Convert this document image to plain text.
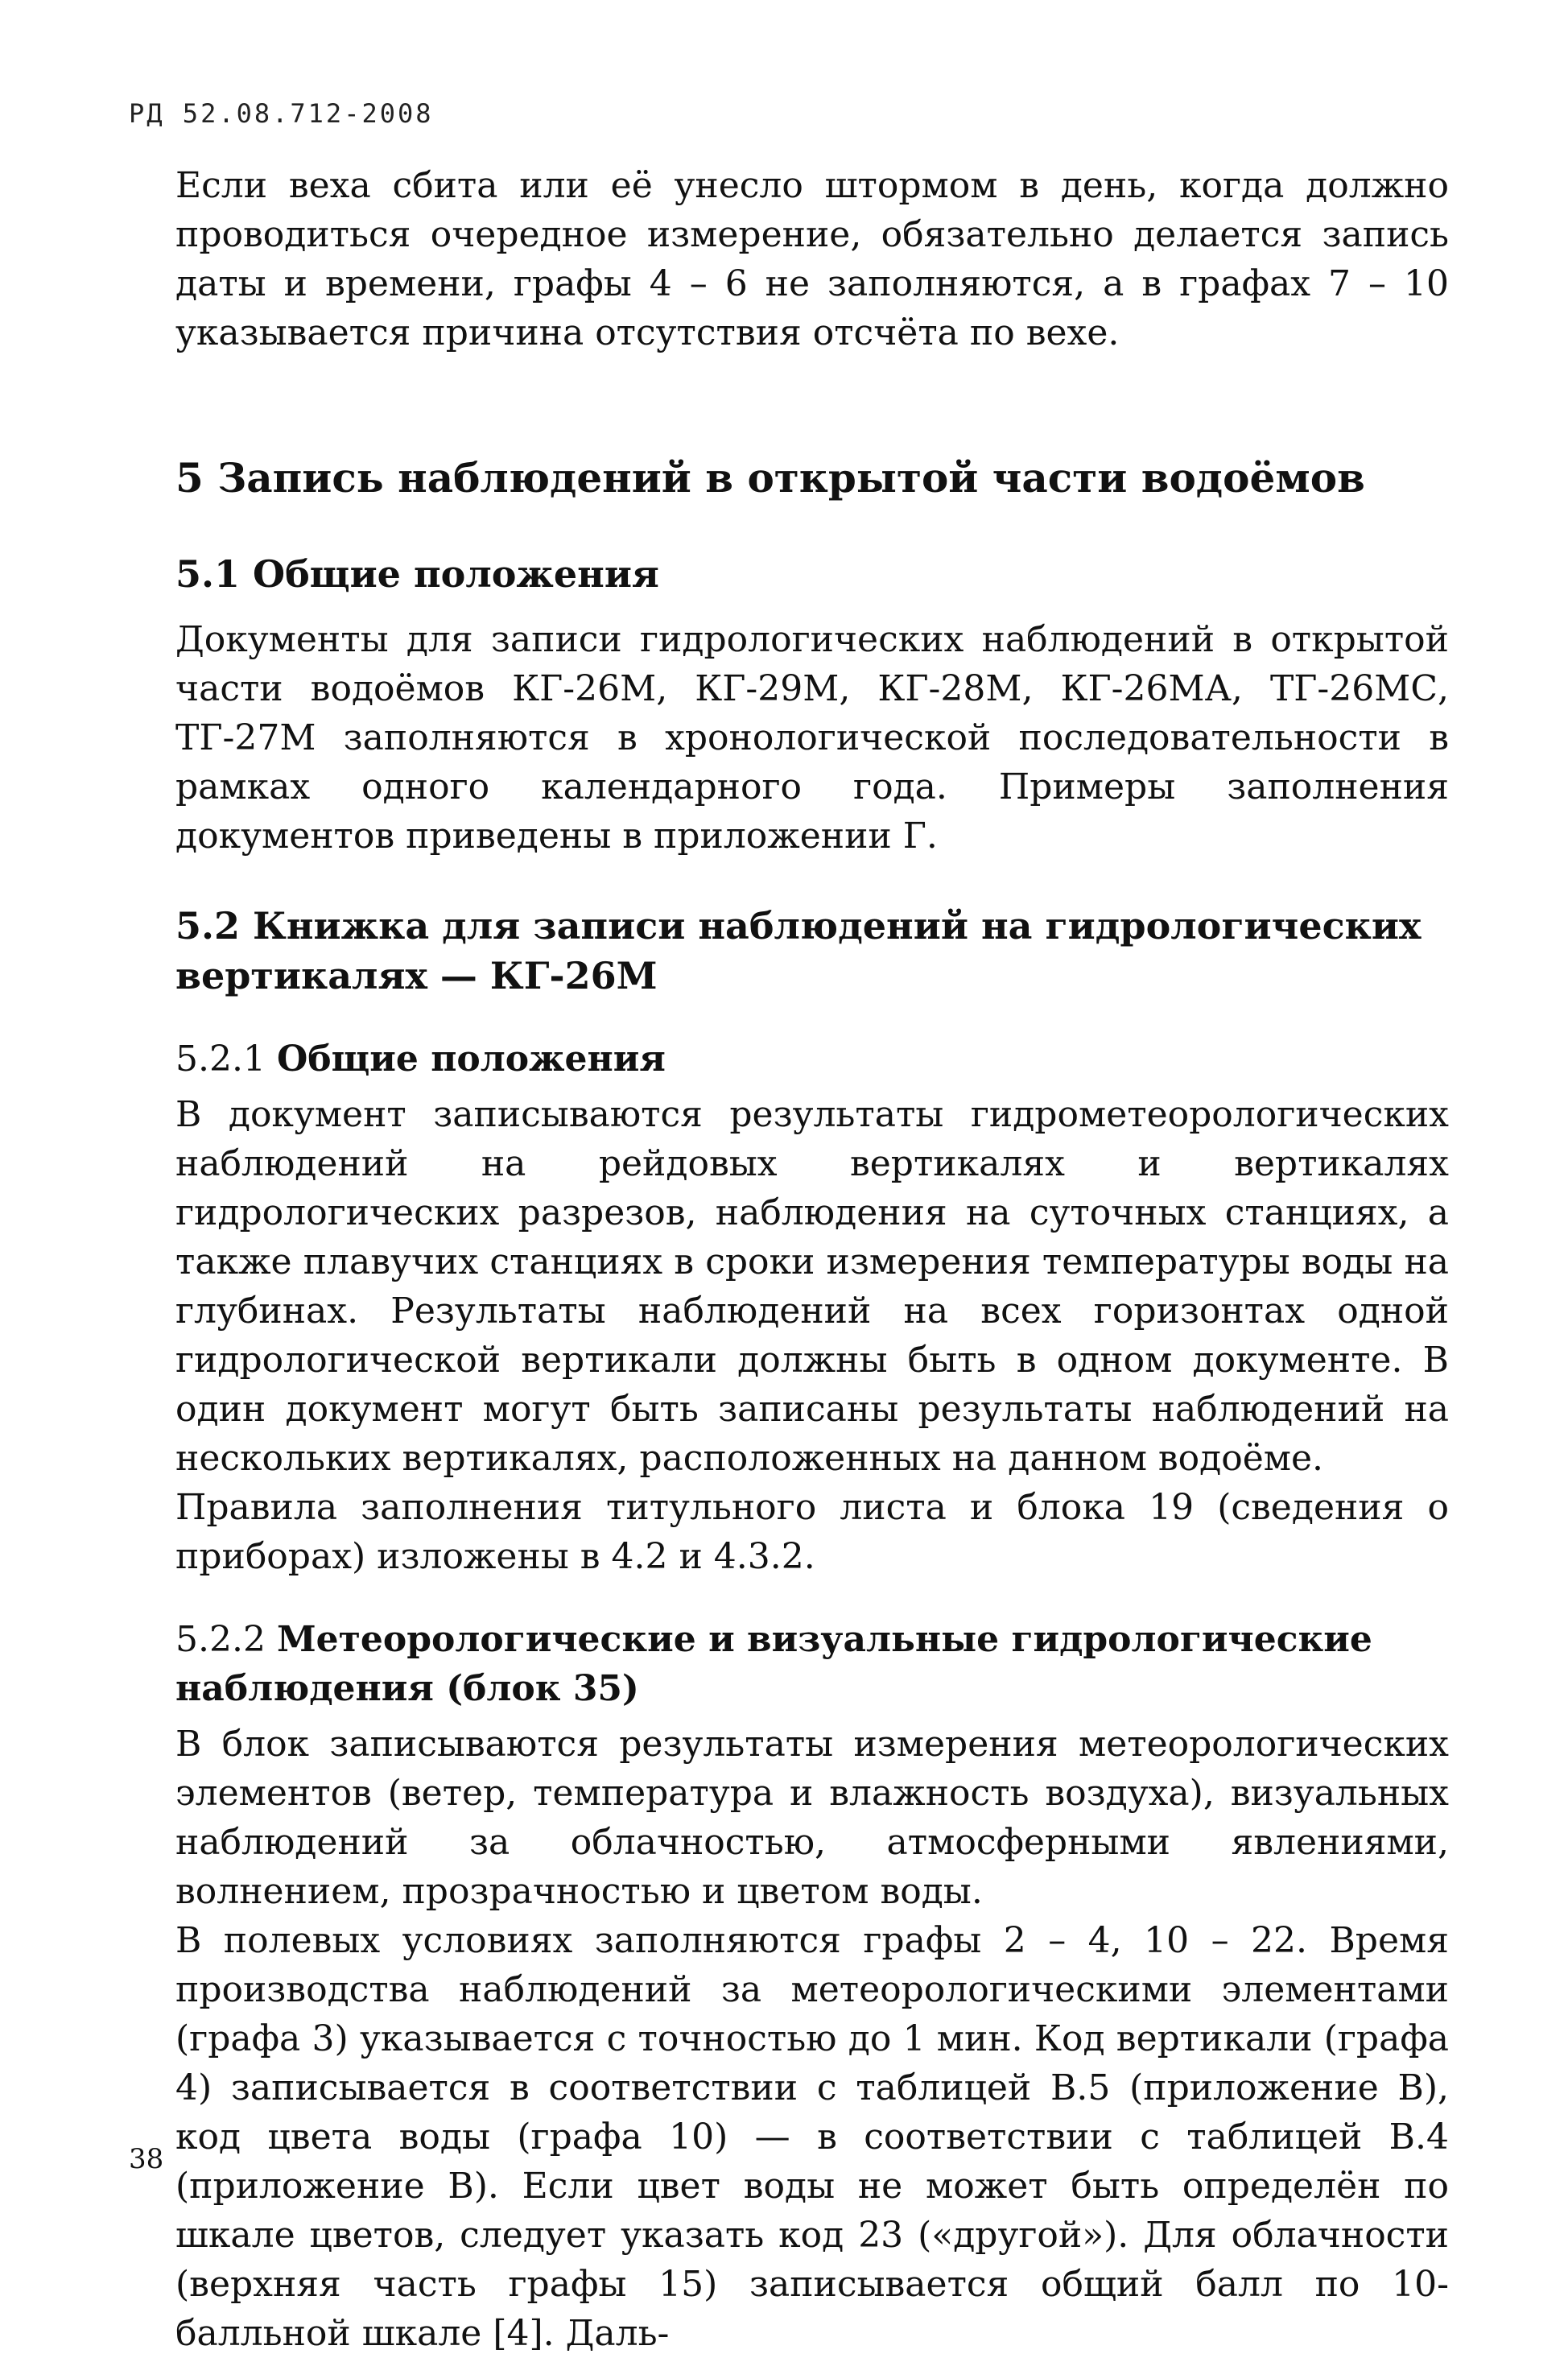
РД 52.08.712-2008

Если веха сбита или её унесло штормом в день, когда должно проводиться очередное измерение, обязательно делается запись даты и времени, графы 4 – 6 не заполняются, а в графах 7 – 10 указывается причина отсутствия отсчёта по вехе.

5 Запись наблюдений в открытой части водоёмов
5.1 Общие положения

Документы для записи гидрологических наблюдений в открытой части водоёмов КГ-26М, КГ-29М, КГ-28М, КГ-26МА, ТГ-26МС, ТГ-27М заполняются в хронологической последовательности в рамках одного календарного года. Примеры заполнения документов приведены в приложении Г.

5.2 Книжка для записи наблюдений на гидрологических вертикалях — КГ-26М
5.2.1 Общие положения

В документ записываются результаты гидрометеорологических наблюдений на рейдовых вертикалях и вертикалях гидрологических разрезов, наблюдения на суточных станциях, а также плавучих станциях в сроки измерения температуры воды на глубинах. Результаты наблюдений на всех горизонтах одной гидрологической вертикали должны быть в одном документе. В один документ могут быть записаны результаты наблюдений на нескольких вертикалях, расположенных на данном водоёме.

Правила заполнения титульного листа и блока 19 (сведения о приборах) изложены в 4.2 и 4.3.2.

5.2.2 Метеорологические и визуальные гидрологические наблюдения (блок 35)

В блок записываются результаты измерения метеорологических элементов (ветер, температура и влажность воздуха), визуальных наблюдений за облачностью, атмосферными явлениями, волнением, прозрачностью и цветом воды.

В полевых условиях заполняются графы 2 – 4, 10 – 22. Время производства наблюдений за метеорологическими элементами (графа 3) указывается с точностью до 1 мин. Код вертикали (графа 4) записывается в соответствии с таблицей В.5 (приложение В), код цвета воды (графа 10) — в соответствии с таблицей В.4 (приложение В). Если цвет воды не может быть определён по шкале цветов, следует указать код 23 («другой»). Для облачности (верхняя часть графы 15) записывается общий балл по 10-балльной шкале [4]. Даль-

38
